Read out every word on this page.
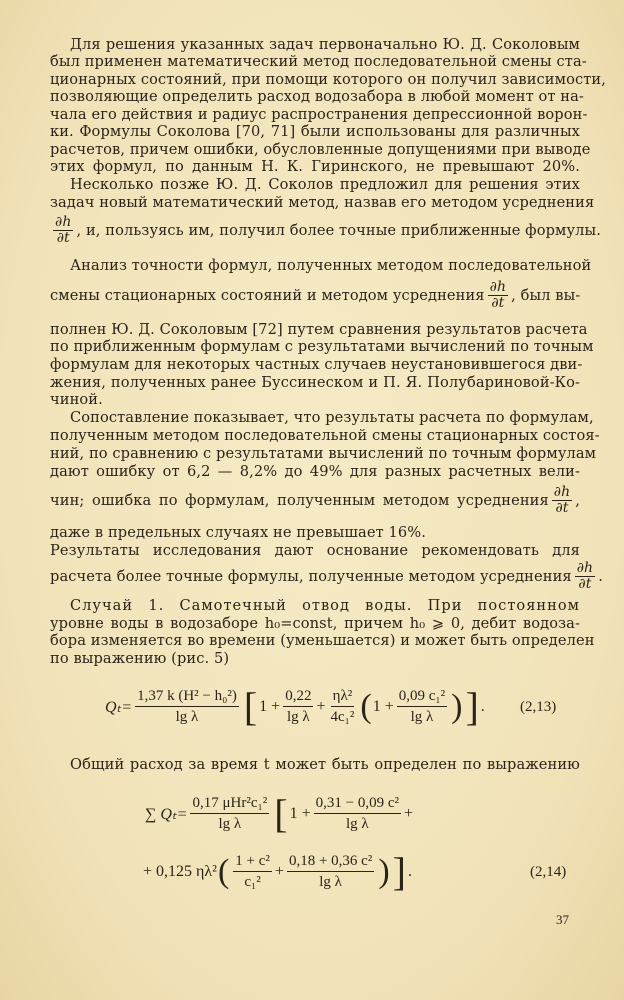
Для решения указанных задач первоначально Ю. Д. Соколовым
был применен математический метод последовательной смены ста-
ционарных состояний, при помощи которого он получил зависимости,
позволяющие определить расход водозабора в любой момент от на-
чала его действия и радиус распространения депрессионной ворон-
ки. Формулы Соколова [70, 71] были использованы для различных
расчетов, причем ошибки, обусловленные допущениями при выводе
этих формул, по данным Н. К. Гиринского, не превышают 20%.
Несколько позже Ю. Д. Соколов предложил для решения этих
задач новый математический метод, назвав его методом усреднения
$\frac{\partial h}{\partial t}$ , и, пользуясь им, получил более точные приближенные формулы.
Анализ точности формул, полученных методом последовательной
смены стационарных состояний и методом усреднения $\frac{\partial h}{\partial t}$ , был вы-
полнен Ю. Д. Соколовым [72] путем сравнения результатов расчета
по приближенным формулам с результатами вычислений по точным
формулам для некоторых частных случаев неустановившегося дви-
жения, полученных ранее Буссинеском и П. Я. Полубариновой-Ко-
чиной.
Сопоставление показывает, что результаты расчета по формулам,
полученным методом последовательной смены стационарных состоя-
ний, по сравнению с результатами вычислений по точным формулам
дают ошибку от 6,2 — 8,2% до 49% для разных расчетных вели-
чин; ошибка по формулам, полученным методом усреднения $\frac{\partial h}{\partial t}$ ,
даже в предельных случаях не превышает 16%.
Результаты исследования дают основание рекомендовать для
расчета более точные формулы, полученные методом усреднения $\frac{\partial h}{\partial t}$ .
Случай 1. Самотечный отвод воды. При постоянном
уровне воды в водозаборе h₀=const, причем h₀ ⩾ 0, дебит водоза-
бора изменяется во времени (уменьшается) и может быть определен
по выражению (рис. 5)
$Q_t= \frac{\text{1,37 k (H² − h₀²)}}{\text{lg λ}}$ [ $1 + \frac{0,22}{\text{lg λ}} + \frac{\text{ηλ²}}{\text{4c₁²}}$ ( $1 + \frac{\text{0,09 c₁²}}{\text{lg λ}}$ ) ] . (2,13)
Общий расход за время t может быть определен по выражению
∑ $Q_t= \frac{\text{0,17 μHr²c₁²}}{\text{lg λ}}$ [ $1 + \frac{\text{0,31 − 0,09 c²}}{\text{lg λ}}$ +
+ 0,125 ηλ² ( $\frac{\text{1 + c²}}{\text{c₁²}} + \frac{\text{0,18 + 0,36 c²}}{\text{lg λ}}$ ) ] .	(2,14)
37
